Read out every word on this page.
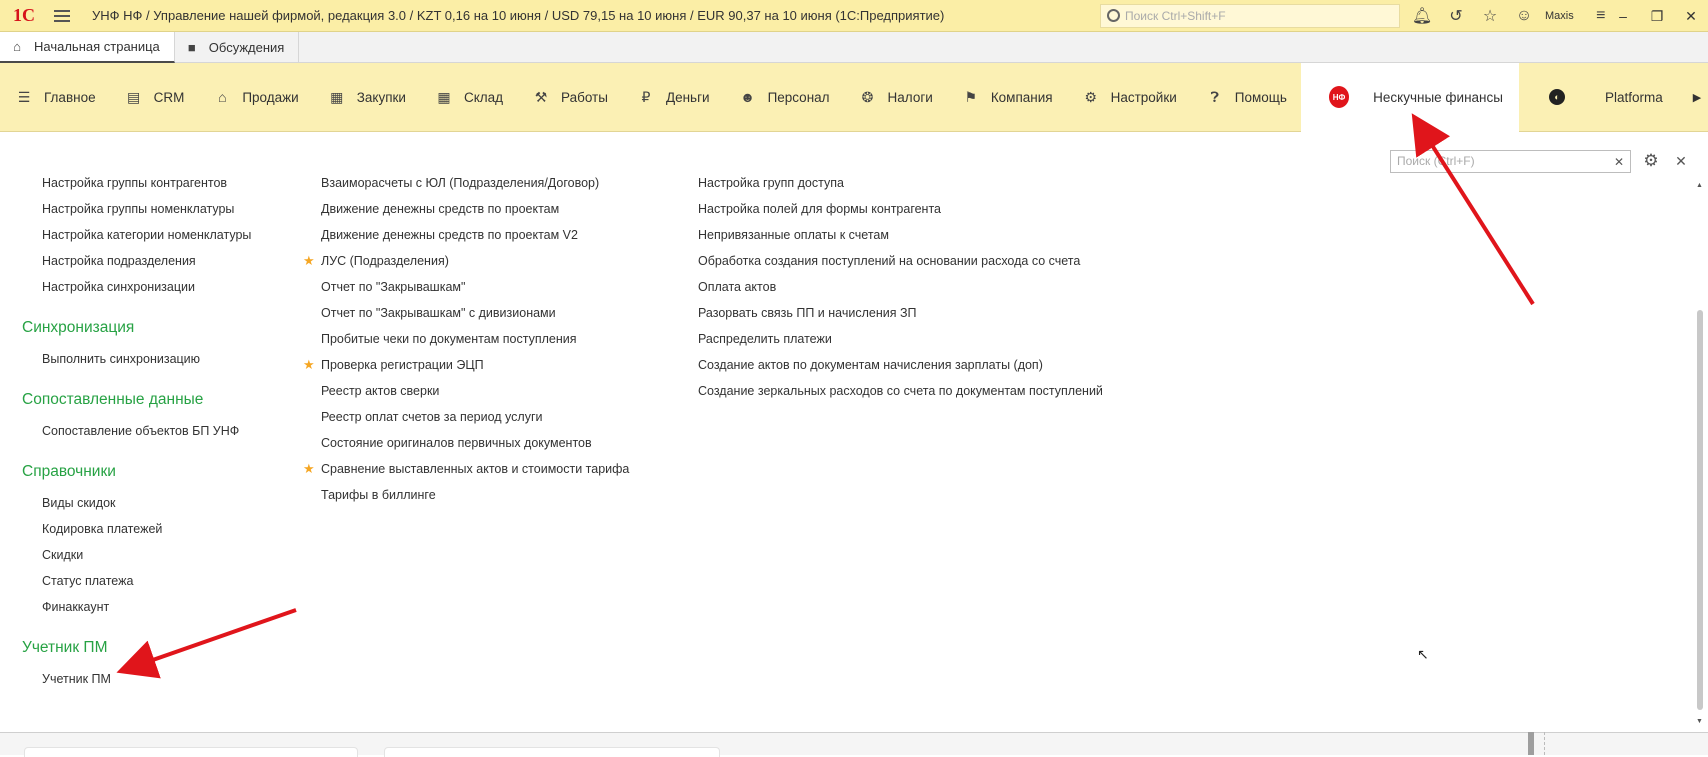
1С	УНФ НФ / Управление нашей фирмой, редакция 3.0 / KZT 0,16 на 10 июня / USD 79,15 на 10 июня / EUR 90,37 на 10 июня (1С:Предприятие)	Поиск Ctrl+Shift+F	🔔︎	↺	☆	☺	Maxis	≡ –	❐	✕
⌂ Начальная страница ■ Обсуждения
☰ Главное ▤ CRM ⌂ Продажи ▦ Закупки ▦ Склад ⚒ Работы ₽ Деньги ☻ Персонал ❂ Налоги ⚑ Компания ⚙ Настройки ❓︎ Помощь	НФ Нескучные финансы	◐	Platforma	▶
Поиск (Ctrl+F)	✕	⚙	✕
Настройка группы контрагентов
Настройка группы номенклатуры
Настройка категории номенклатуры
Настройка подразделения
Настройка синхронизации
Синхронизация
Выполнить синхронизацию
Сопоставленные данные
Сопоставление объектов БП УНФ
Справочники
Виды скидок
Кодировка платежей
Скидки
Статус платежа
Финаккаунт
Учетник ПМ
Учетник ПМ
Взаиморасчеты с ЮЛ (Подразделения/Договор)
Движение денежны средств по проектам
Движение денежны средств по проектам V2
★ ЛУС (Подразделения)
Отчет по "Закрывашкам"
Отчет по "Закрывашкам" с дивизионами
Пробитые чеки по документам поступления
★ Проверка регистрации ЭЦП
Реестр актов сверки
Реестр оплат счетов за период услуги
Состояние оригиналов первичных документов
★ Сравнение выставленных актов и стоимости тарифа
Тарифы в биллинге
Настройка групп доступа
Настройка полей для формы контрагента
Непривязанные оплаты к счетам
Обработка создания поступлений на основании расхода со счета
Оплата актов
Разорвать связь ПП и начисления ЗП
Распределить платежи
Создание актов по документам начисления зарплаты (доп)
Создание зеркальных расходов со счета по документам поступлений
▲
▼
↖
